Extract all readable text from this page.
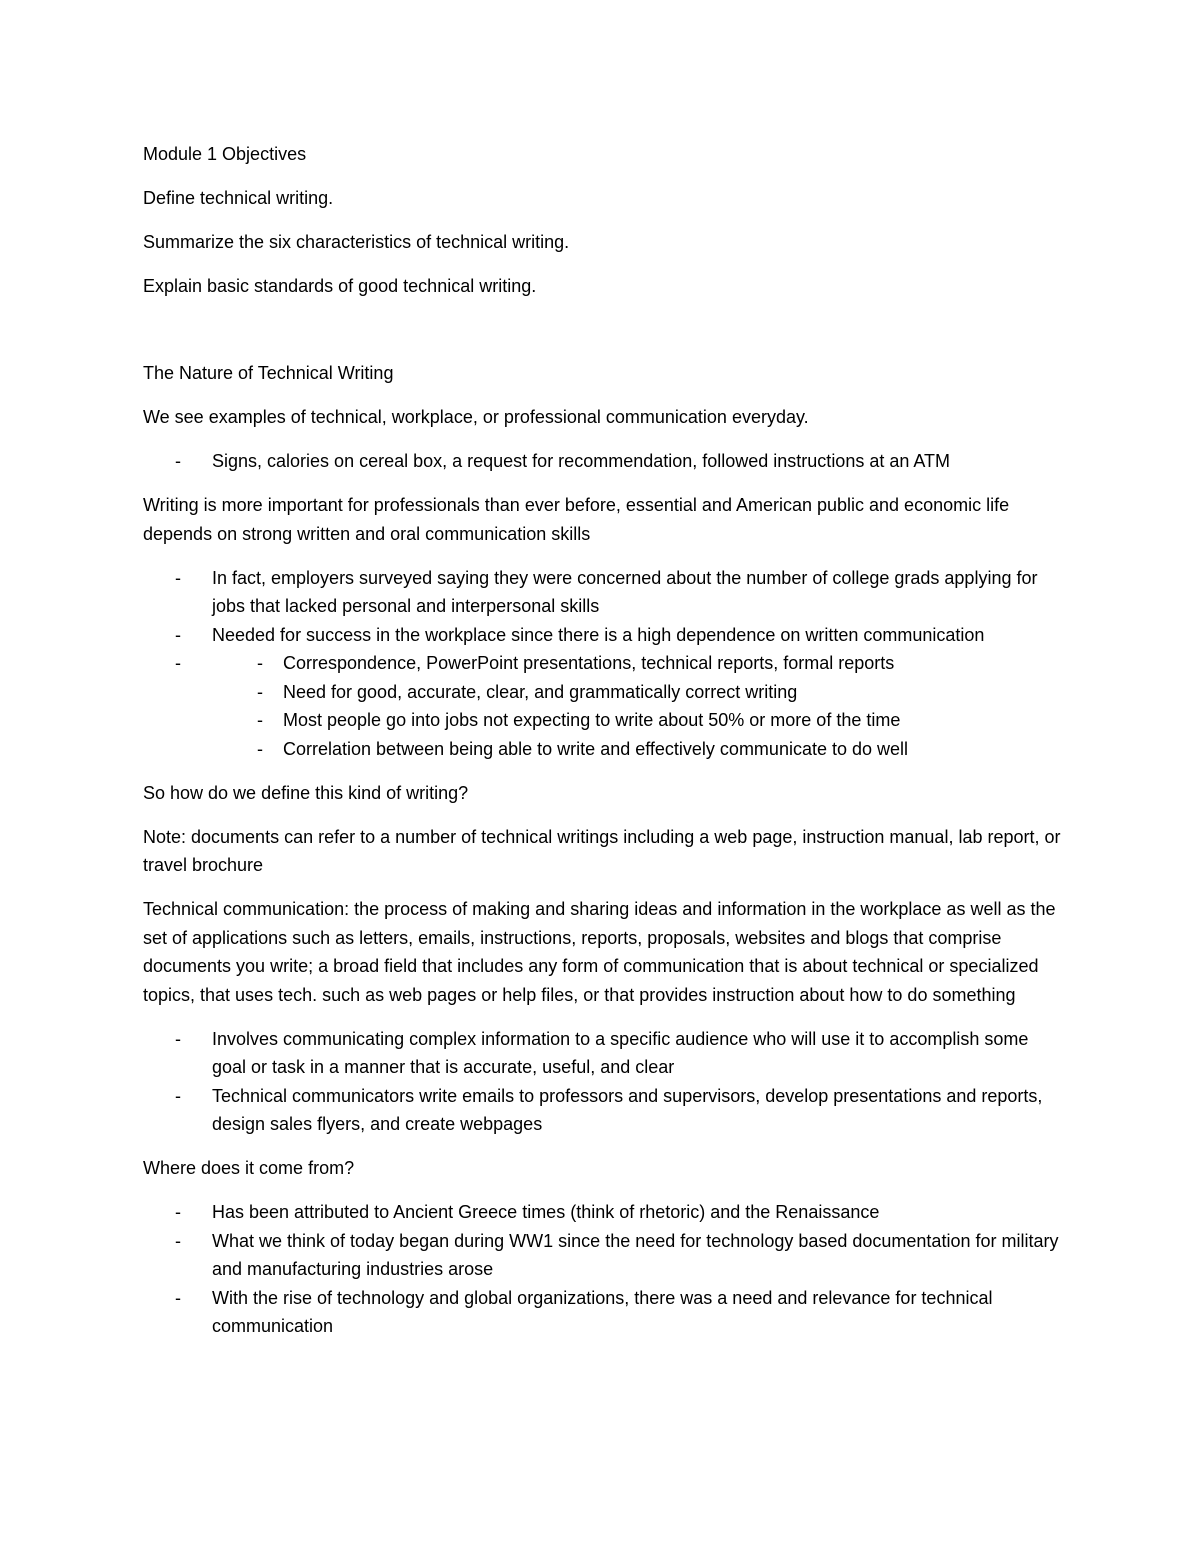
Module 1 Objectives

Define technical writing.

Summarize the six characteristics of technical writing.

Explain basic standards of good technical writing.

The Nature of Technical Writing

We see examples of technical, workplace, or professional communication everyday.

- Signs, calories on cereal box, a request for recommendation, followed instructions at an ATM

Writing is more important for professionals than ever before, essential and American public and economic life depends on strong written and oral communication skills

- In fact, employers surveyed saying they were concerned about the number of college grads applying for jobs that lacked personal and interpersonal skills
- Needed for success in the workplace since there is a high dependence on written communication
- - Correspondence, PowerPoint presentations, technical reports, formal reports
- Need for good, accurate, clear, and grammatically correct writing
- Most people go into jobs not expecting to write about 50% or more of the time
- Correlation between being able to write and effectively communicate to do well

So how do we define this kind of writing?

Note: documents can refer to a number of technical writings including a web page, instruction manual, lab report, or travel brochure

Technical communication: the process of making and sharing ideas and information in the workplace as well as the set of applications such as letters, emails, instructions, reports, proposals, websites and blogs that comprise documents you write; a broad field that includes any form of communication that is about technical or specialized topics, that uses tech. such as web pages or help files, or that provides instruction about how to do something

- Involves communicating complex information to a specific audience who will use it to accomplish some goal or task in a manner that is accurate, useful, and clear
- Technical communicators write emails to professors and supervisors, develop presentations and reports, design sales flyers, and create webpages

Where does it come from?

- Has been attributed to Ancient Greece times (think of rhetoric) and the Renaissance
- What we think of today began during WW1 since the need for technology based documentation for military and manufacturing industries arose
- With the rise of technology and global organizations, there was a need and relevance for technical communication
